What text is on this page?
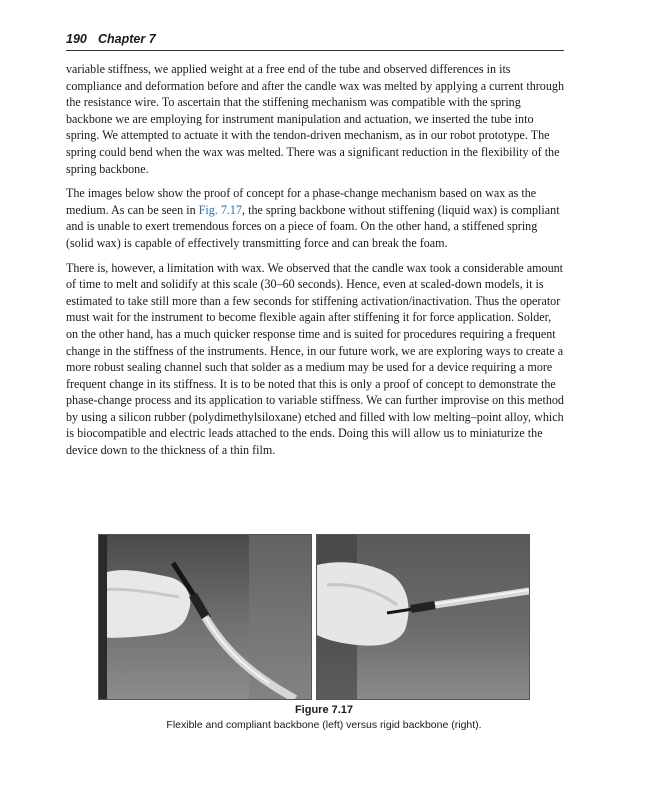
190 Chapter 7

variable stiffness, we applied weight at a free end of the tube and observed differences in its compliance and deformation before and after the candle wax was melted by applying a current through the resistance wire. To ascertain that the stiffening mechanism was compatible with the spring backbone we are employing for instrument manipulation and actuation, we inserted the tube into spring. We attempted to actuate it with the tendon-driven mechanism, as in our robot prototype. The spring could bend when the wax was melted. There was a significant reduction in the flexibility of the spring backbone.

The images below show the proof of concept for a phase-change mechanism based on wax as the medium. As can be seen in Fig. 7.17, the spring backbone without stiffening (liquid wax) is compliant and is unable to exert tremendous forces on a piece of foam. On the other hand, a stiffened spring (solid wax) is capable of effectively transmitting force and can break the foam.

There is, however, a limitation with wax. We observed that the candle wax took a considerable amount of time to melt and solidify at this scale (30–60 seconds). Hence, even at scaled-down models, it is estimated to take still more than a few seconds for stiffening activation/inactivation. Thus the operator must wait for the instrument to become flexible again after stiffening it for force application. Solder, on the other hand, has a much quicker response time and is suited for procedures requiring a frequent change in the stiffness of the instruments. Hence, in our future work, we are exploring ways to create a more robust sealing channel such that solder as a medium may be used for a device requiring a more frequent change in its stiffness. It is to be noted that this is only a proof of concept to demonstrate the phase-change process and its application to variable stiffness. We can further improvise on this method by using a silicon rubber (polydimethylsiloxane) etched and filled with low melting–point alloy, which is biocompatible and electric leads attached to the ends. Doing this will allow us to miniaturize the device down to the thickness of a thin film.

Figure 7.17
Flexible and compliant backbone (left) versus rigid backbone (right).
